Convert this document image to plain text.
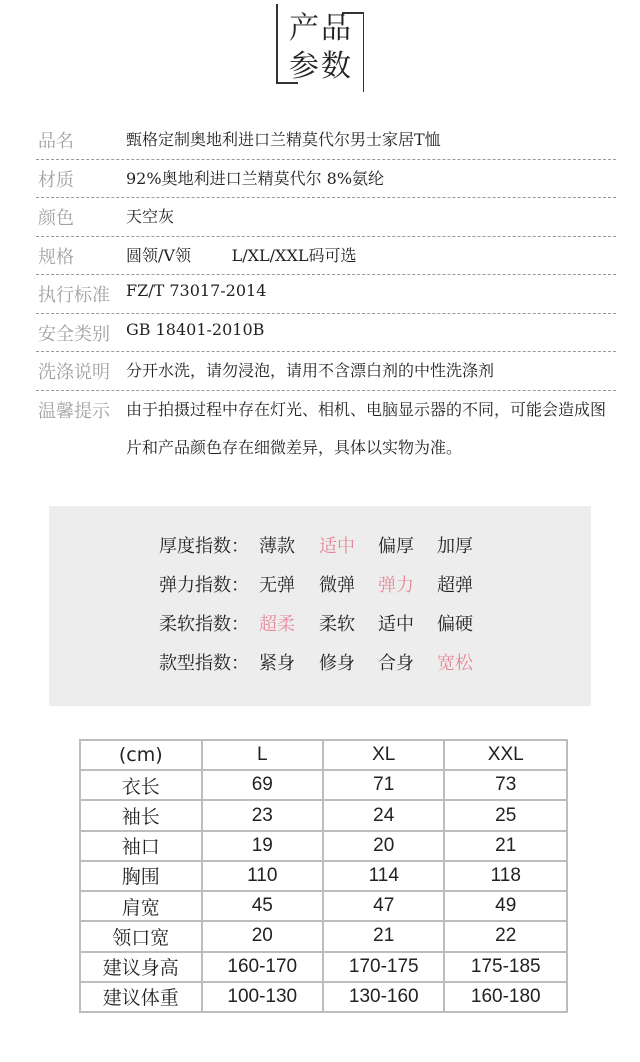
产品
参数
品名	甄格定制奥地利进口兰精莫代尔男士家居T恤
材质	92%奥地利进口兰精莫代尔 8%氨纶
颜色	天空灰
规格	圆领/V领        L/XL/XXL码可选
执行标准 FZ/T 73017-2014
安全类别 GB 18401-2010B
洗涤说明 分开水洗，请勿浸泡，请用不含漂白剂的中性洗涤剂
温馨提示 由于拍摄过程中存在灯光、相机、电脑显示器的不同，可能会造成图片和产品颜色存在细微差异，具体以实物为准。
厚度指数： 薄款 适中 偏厚 加厚
弹力指数： 无弹 微弹 弹力 超弹
柔软指数： 超柔 柔软 适中 偏硬
款型指数： 紧身 修身 合身 宽松
(cm)	L	XL	XXL
衣长	69	71	73
袖长	23	24	25
袖口	19	20	21
胸围	110	114	118
肩宽	45	47	49
领口宽	20	21	22
建议身高	160-170	170-175	175-185
建议体重	100-130	130-160	160-180
